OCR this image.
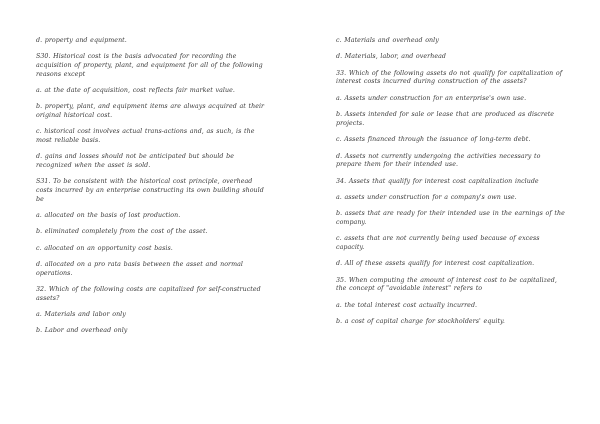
d. property and equipment.

S30. Historical cost is the basis advocated for recording the acquisition of property, plant, and equipment for all of the following reasons except

a. at the date of acquisition, cost reflects fair market value.

b. property, plant, and equipment items are always acquired at their original historical cost.

c. historical cost involves actual trans-actions and, as such, is the most reliable basis.

d. gains and losses should not be anticipated but should be recognized when the asset is sold.

S31. To be consistent with the historical cost principle, overhead costs incurred by an enterprise constructing its own building should be

a. allocated on the basis of lost production.

b. eliminated completely from the cost of the asset.

c. allocated on an opportunity cost basis.

d. allocated on a pro rata basis between the asset and normal operations.

32. Which of the following costs are capitalized for self-constructed assets?

a. Materials and labor only

b. Labor and overhead only

c. Materials and overhead only

d. Materials, labor, and overhead

33. Which of the following assets do not qualify for capitalization of interest costs incurred during construction of the assets?

a. Assets under construction for an enterprise's own use.

b. Assets intended for sale or lease that are produced as discrete projects.

c. Assets financed through the issuance of long-term debt.

d. Assets not currently undergoing the activities necessary to prepare them for their intended use.

34. Assets that qualify for interest cost capitalization include

a. assets under construction for a company's own use.

b. assets that are ready for their intended use in the earnings of the company.

c. assets that are not currently being used because of excess capacity.

d. All of these assets qualify for interest cost capitalization.

35. When computing the amount of interest cost to be capitalized, the concept of "avoidable interest" refers to

a. the total interest cost actually incurred.

b. a cost of capital charge for stockholders' equity.
